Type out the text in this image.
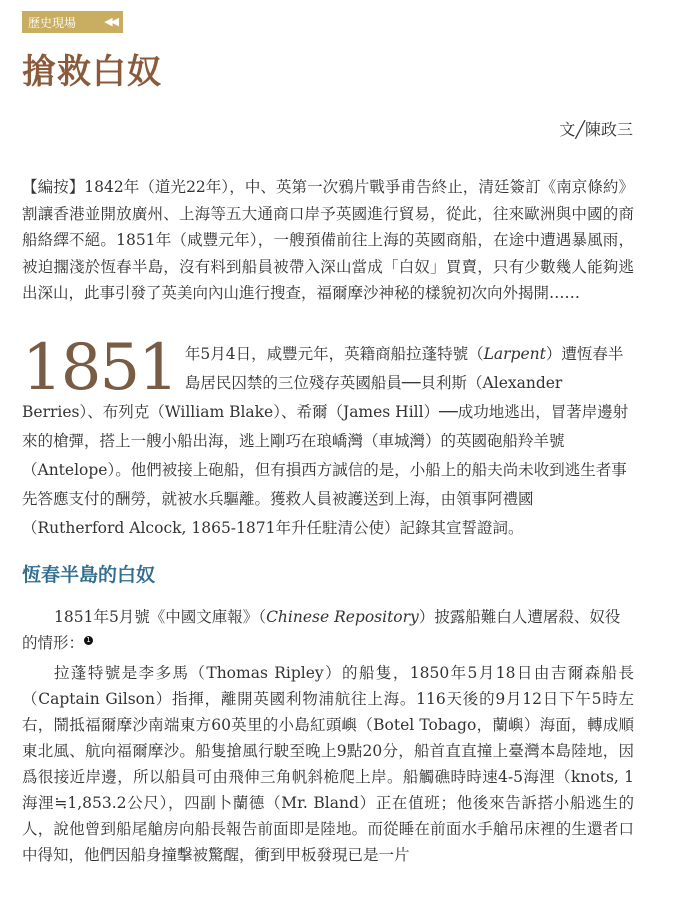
歷史現場	◀◀
搶救白奴
文╱陳政三
【編按】1842年（道光22年），中、英第一次鴉片戰爭甫告終止，清廷簽訂《南京條約》割讓香港並開放廣州、上海等五大通商口岸予英國進行貿易，從此，往來歐洲與中國的商船絡繹不絕。1851年（咸豐元年），一艘預備前往上海的英國商船，在途中遭遇暴風雨，被迫擱淺於恆春半島，沒有料到船員被帶入深山當成「白奴」買賣，只有少數幾人能夠逃出深山，此事引發了英美向內山進行搜查，福爾摩沙神秘的樣貌初次向外揭開……
1851 年5月4日，咸豐元年，英籍商船拉蓬特號（Larpent）遭恆春半島居民囚禁的三位殘存英國船員──貝利斯（Alexander Berries）、布列克（William Blake）、希爾（James Hill）──成功地逃出，冒著岸邊射來的槍彈，搭上一艘小船出海，逃上剛巧在琅嶠灣（車城灣）的英國砲船羚羊號（Antelope）。他們被接上砲船，但有損西方誠信的是，小船上的船夫尚未收到逃生者事先答應支付的酬勞，就被水兵驅離。獲救人員被護送到上海，由領事阿禮國（Rutherford Alcock, 1865-1871年升任駐清公使）記錄其宣誓證詞。
恆春半島的白奴
1851年5月號《中國文庫報》（Chinese Repository）披露船難白人遭屠殺、奴役的情形： 1
拉蓬特號是李多馬（Thomas Ripley）的船隻，1850年5月18日由吉爾森船長（Captain Gilson）指揮，離開英國利物浦航往上海。116天後的9月12日下午5時左右，鬧抵福爾摩沙南端東方60英里的小島紅頭嶼（Botel Tobago，蘭嶼）海面，轉成順東北風、航向福爾摩沙。船隻搶風行駛至晚上9點20分，船首直直撞上臺灣本島陸地，因爲很接近岸邊，所以船員可由飛伸三角帆斜桅爬上岸。船觸礁時時速4-5海浬（knots, 1海浬≒1,853.2公尺），四副卜蘭德（Mr. Bland）正在值班；他後來告訴搭小船逃生的人，說他曾到船尾艙房向船長報告前面即是陸地。而從睡在前面水手艙吊床裡的生還者口中得知，他們因船身撞擊被驚醒，衝到甲板發現已是一片
